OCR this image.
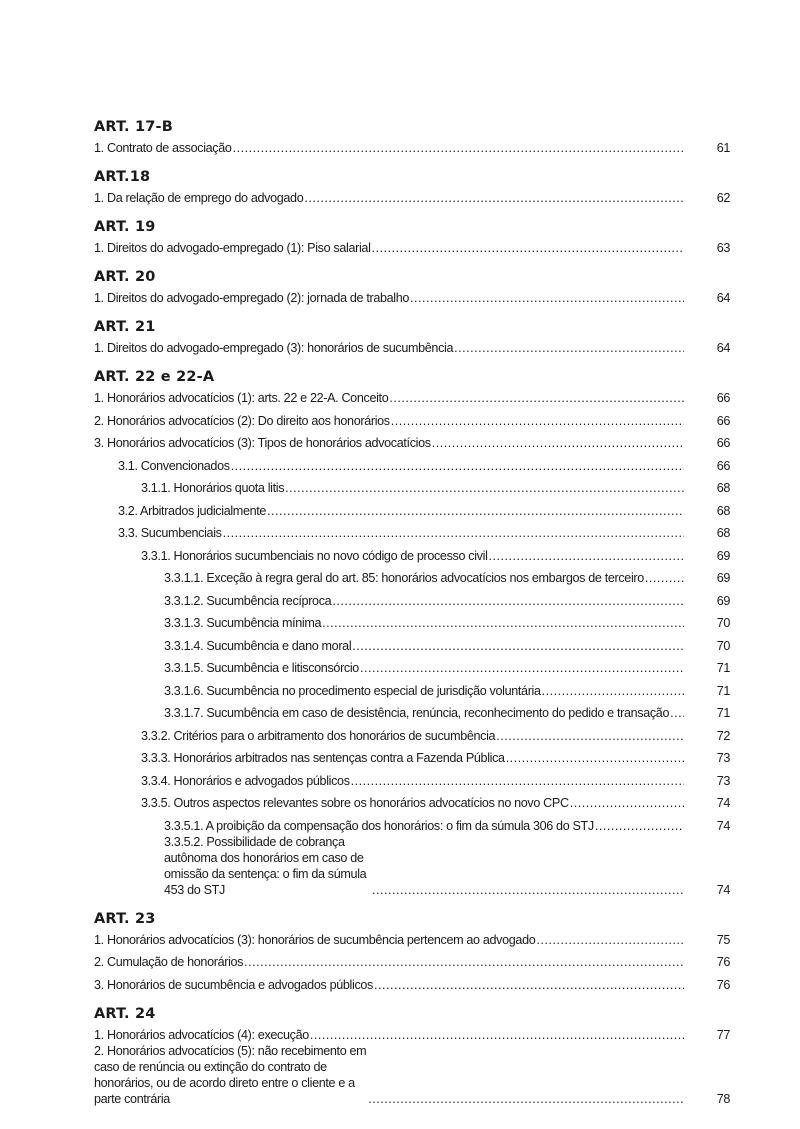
ART. 17-B
1. Contrato de associação .....	61
ART.18
1. Da relação de emprego do advogado .....	62
ART. 19
1. Direitos do advogado-empregado (1): Piso salarial .....	63
ART. 20
1. Direitos do advogado-empregado (2): jornada de trabalho .....	64
ART. 21
1. Direitos do advogado-empregado (3): honorários de sucumbência .....	64
ART. 22 e 22-A
1. Honorários advocatícios (1): arts. 22 e 22-A. Conceito .....	66
2. Honorários advocatícios (2): Do direito aos honorários .....	66
3. Honorários advocatícios (3): Tipos de honorários advocatícios .....	66
3.1. Convencionados .....	66
3.1.1. Honorários quota litis .....	68
3.2. Arbitrados judicialmente .....	68
3.3. Sucumbenciais .....	68
3.3.1. Honorários sucumbenciais no novo código de processo civil .....	69
3.3.1.1. Exceção à regra geral do art. 85: honorários advocatícios nos embargos de terceiro .....	69
3.3.1.2. Sucumbência recíproca .....	69
3.3.1.3. Sucumbência mínima .....	70
3.3.1.4. Sucumbência e dano moral .....	70
3.3.1.5. Sucumbência e litisconsórcio .....	71
3.3.1.6. Sucumbência no procedimento especial de jurisdição voluntária .....	71
3.3.1.7. Sucumbência em caso de desistência, renúncia, reconhecimento do pedido e transação .....	71
3.3.2. Critérios para o arbitramento dos honorários de sucumbência .....	72
3.3.3. Honorários arbitrados nas sentenças contra a Fazenda Pública .....	73
3.3.4. Honorários e advogados públicos .....	73
3.3.5. Outros aspectos relevantes sobre os honorários advocatícios no novo CPC .....	74
3.3.5.1. A proibição da compensação dos honorários: o fim da súmula 306 do STJ .....	74
3.3.5.2. Possibilidade de cobrança autônoma dos honorários em caso de omissão da sentença: o fim da súmula 453 do STJ .....	74
ART. 23
1. Honorários advocatícios (3): honorários de sucumbência pertencem ao advogado .....	75
2. Cumulação de honorários .....	76
3. Honorários de sucumbência e advogados públicos .....	76
ART. 24
1. Honorários advocatícios (4): execução .....	77
2. Honorários advocatícios (5): não recebimento em caso de renúncia ou extinção do contrato de honorários, ou de acordo direto entre o cliente e a parte contrária .....	78
